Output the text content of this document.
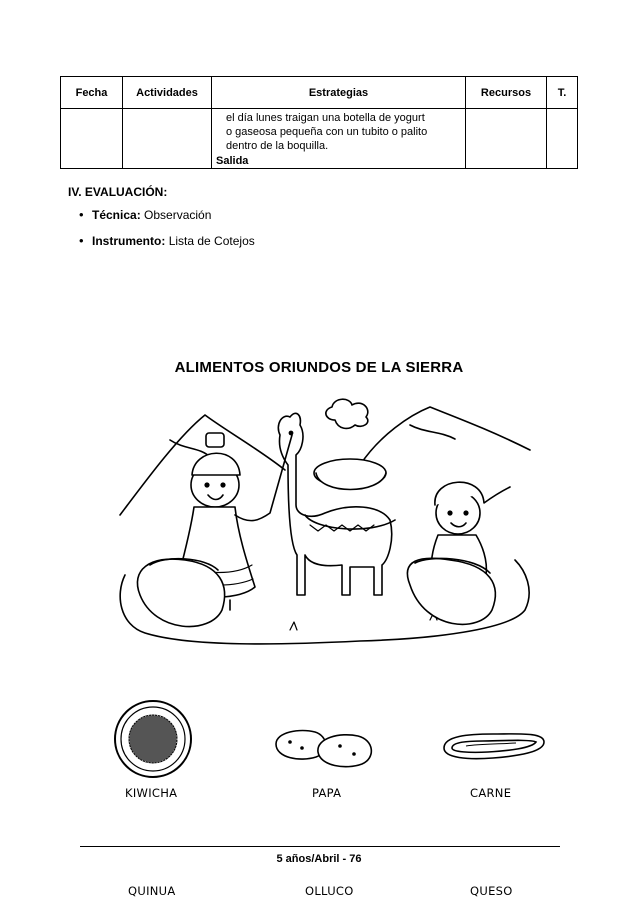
Fecha	Actividades	Estrategias	Recursos	T.

		el día lunes traigan una botella de yogurt
o gaseosa pequeña con un tubito o palito
dentro de la boquilla.
Salida		

IV. EVALUACIÓN:
• Técnica: Observación
• Instrumento: Lista de Cotejos
ALIMENTOS ORIUNDOS DE LA SIERRA
KIWICHA	PAPA	CARNE
5 años/Abril - 76
QUINUA	OLLUCO	QUESO
